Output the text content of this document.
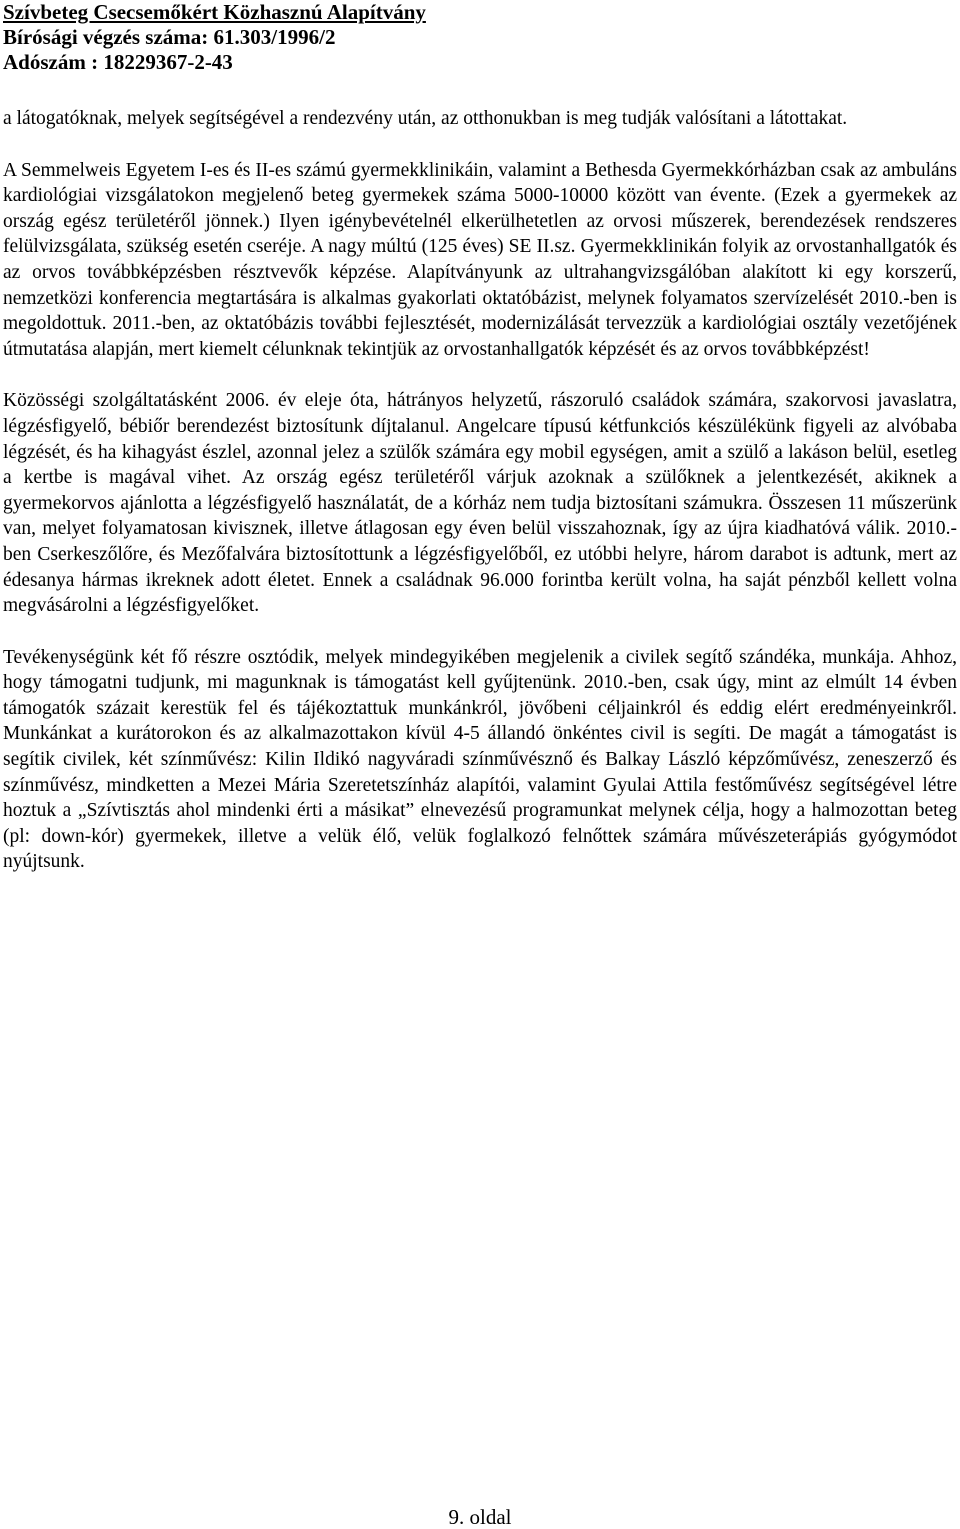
Szívbeteg Csecsemőkért Közhasznú Alapítvány
Bírósági végzés száma: 61.303/1996/2
Adószám : 18229367-2-43

a látogatóknak, melyek segítségével a rendezvény után, az otthonukban is meg tudják valósítani a látottakat.

A Semmelweis Egyetem I-es és II-es számú gyermekklinikáin, valamint a Bethesda Gyermekkórházban csak az ambuláns kardiológiai vizsgálatokon megjelenő beteg gyermekek száma 5000-10000 között van évente. (Ezek a gyermekek az ország egész területéről jönnek.) Ilyen igénybevételnél elkerülhetetlen az orvosi műszerek, berendezések rendszeres felülvizsgálata, szükség esetén cseréje. A nagy múltú (125 éves) SE II.sz. Gyermekklinikán folyik az orvostanhallgatók és az orvos továbbképzésben résztvevők képzése. Alapítványunk az ultrahangvizsgálóban alakított ki egy korszerű, nemzetközi konferencia megtartására is alkalmas gyakorlati oktatóbázist, melynek folyamatos szervízelését 2010.-ben is megoldottuk. 2011.-ben, az oktatóbázis további fejlesztését, modernizálását tervezzük a kardiológiai osztály vezetőjének útmutatása alapján, mert kiemelt célunknak tekintjük az orvostanhallgatók képzését és az orvos továbbképzést!

Közösségi szolgáltatásként 2006. év eleje óta, hátrányos helyzetű, rászoruló családok számára, szakorvosi javaslatra, légzésfigyelő, bébiőr berendezést biztosítunk díjtalanul. Angelcare típusú kétfunkciós készülékünk figyeli az alvóbaba légzését, és ha kihagyást észlel, azonnal jelez a szülők számára egy mobil egységen, amit a szülő a lakáson belül, esetleg a kertbe is magával vihet. Az ország egész területéről várjuk azoknak a szülőknek a jelentkezését, akiknek a gyermekorvos ajánlotta a légzésfigyelő használatát, de a kórház nem tudja biztosítani számukra. Összesen 11 műszerünk van, melyet folyamatosan kivisznek, illetve átlagosan egy éven belül visszahoznak, így az újra kiadhatóvá válik. 2010.-ben Cserkeszőlőre, és Mezőfalvára biztosítottunk a légzésfigyelőből, ez utóbbi helyre, három darabot is adtunk, mert az édesanya hármas ikreknek adott életet. Ennek a családnak 96.000 forintba került volna, ha saját pénzből kellett volna megvásárolni a légzésfigyelőket.

Tevékenységünk két fő részre osztódik, melyek mindegyikében megjelenik a civilek segítő szándéka, munkája. Ahhoz, hogy támogatni tudjunk, mi magunknak is támogatást kell gyűjtenünk. 2010.-ben, csak úgy, mint az elmúlt 14 évben támogatók százait kerestük fel és tájékoztattuk munkánkról, jövőbeni céljainkról és eddig elért eredményeinkről. Munkánkat a kurátorokon és az alkalmazottakon kívül 4-5 állandó önkéntes civil is segíti. De magát a támogatást is segítik civilek, két színművész: Kilin Ildikó nagyváradi színművésznő és Balkay László képzőművész, zeneszerző és színművész, mindketten a Mezei Mária Szeretetszínház alapítói, valamint Gyulai Attila festőművész segítségével létre hoztuk a „Szívtisztás ahol mindenki érti a másikat” elnevezésű programunkat melynek célja, hogy a halmozottan beteg (pl: down-kór) gyermekek, illetve a velük élő, velük foglalkozó felnőttek számára művészeterápiás gyógymódot nyújtsunk.

9. oldal
